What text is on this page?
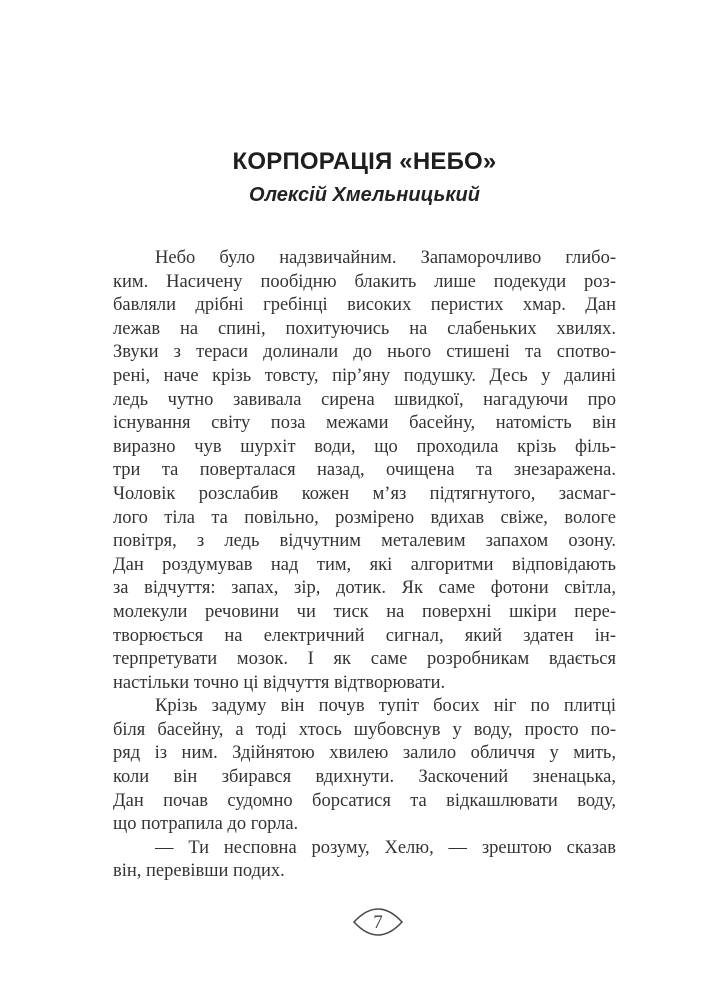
КОРПОРАЦІЯ «НЕБО»
Олексій Хмельницький
Небо було надзвичайним. Запаморочливо глибо-
ким. Насичену пообідню блакить лише подекуди роз-
бавляли дрібні гребінці високих перистих хмар. Дан
лежав на спині, похитуючись на слабеньких хвилях.
Звуки з тераси долинали до нього стишені та спотво-
рені, наче крізь товсту, пір’яну подушку. Десь у далині
ледь чутно завивала сирена швидкої, нагадуючи про
існування світу поза межами басейну, натомість він
виразно чув шурхіт води, що проходила крізь філь-
три та поверталася назад, очищена та знезаражена.
Чоловік розслабив кожен м’яз підтягнутого, засмаг-
лого тіла та повільно, розмірено вдихав свіже, вологе
повітря, з ледь відчутним металевим запахом озону.
Дан роздумував над тим, які алгоритми відповідають
за відчуття: запах, зір, дотик. Як саме фотони світла,
молекули речовини чи тиск на поверхні шкіри пере-
творюється на електричний сигнал, який здатен ін-
терпретувати мозок. І як саме розробникам вдається
настільки точно ці відчуття відтворювати.
Крізь задуму він почув тупіт босих ніг по плитці
біля басейну, а тоді хтось шубовснув у воду, просто по-
ряд із ним. Здійнятою хвилею залило обличчя у мить,
коли він збирався вдихнути. Заскочений зненацька,
Дан почав судомно борсатися та відкашлювати воду,
що потрапила до горла.
— Ти несповна розуму, Хелю, — зрештою сказав
він, перевівши подих.
7
